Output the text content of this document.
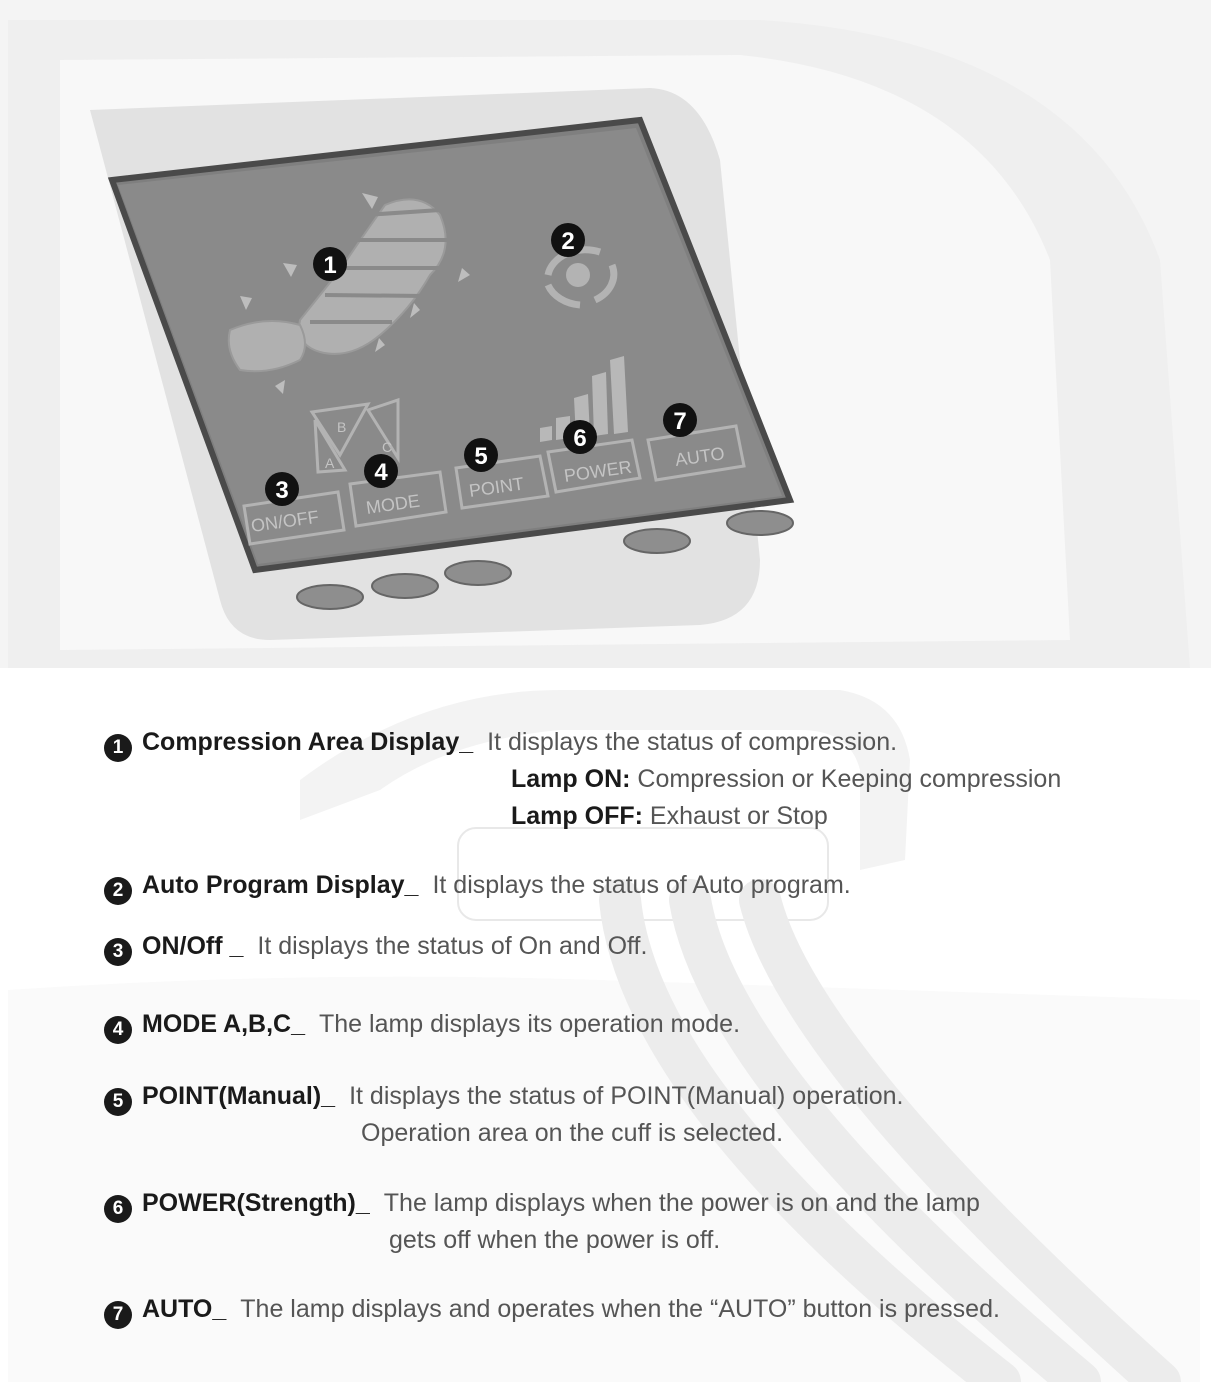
B
A
C
ON/OFF
MODE
POINT
POWER
AUTO
1
2
3
4
5
6
7
1 Compression Area Display_ It displays the status of compression.
Lamp ON: Compression or Keeping compression
Lamp OFF: Exhaust or Stop
2 Auto Program Display_ It displays the status of Auto program.
3 ON/Off _ It displays the status of On and Off.
4 MODE A,B,C_ The lamp displays its operation mode.
5 POINT(Manual)_ It displays the status of POINT(Manual) operation.
Operation area on the cuff is selected.
6 POWER(Strength)_ The lamp displays when the power is on and the lamp
gets off when the power is off.
7 AUTO_ The lamp displays and operates when the “AUTO” button is pressed.
